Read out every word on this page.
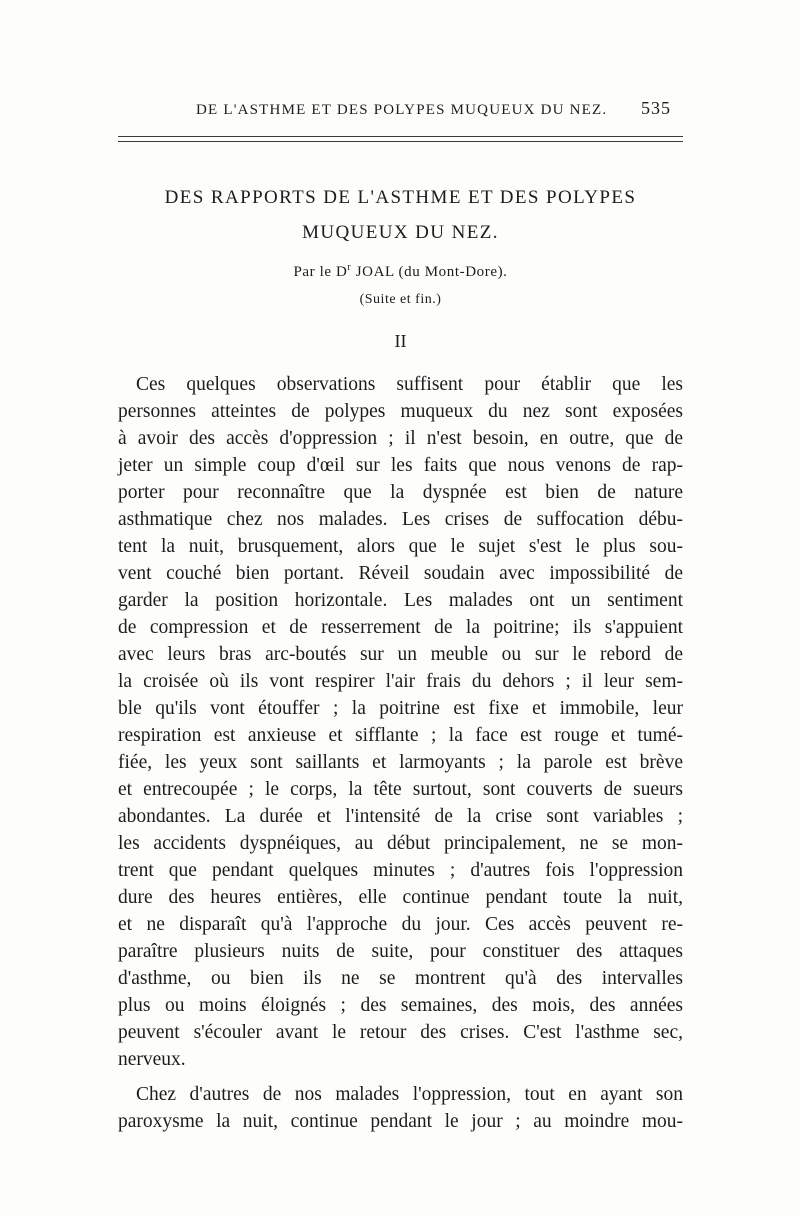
DE L'ASTHME ET DES POLYPES MUQUEUX DU NEZ. 535
DES RAPPORTS DE L'ASTHME ET DES POLYPES
MUQUEUX DU NEZ.
Par le $D^r$ JOAL (du Mont-Dore).
(Suite et fin.)
II
Ces quelques observations suffisent pour établir que les
personnes atteintes de polypes muqueux du nez sont exposées
à avoir des accès d'oppression ; il n'est besoin, en outre, que de
jeter un simple coup d'œil sur les faits que nous venons de rap-
porter pour reconnaître que la dyspnée est bien de nature
asthmatique chez nos malades. Les crises de suffocation débu-
tent la nuit, brusquement, alors que le sujet s'est le plus sou-
vent couché bien portant. Réveil soudain avec impossibilité de
garder la position horizontale. Les malades ont un sentiment
de compression et de resserrement de la poitrine; ils s'appuient
avec leurs bras arc-boutés sur un meuble ou sur le rebord de
la croisée où ils vont respirer l'air frais du dehors ; il leur sem-
ble qu'ils vont étouffer ; la poitrine est fixe et immobile, leur
respiration est anxieuse et sifflante ; la face est rouge et tumé-
fiée, les yeux sont saillants et larmoyants ; la parole est brève
et entrecoupée ; le corps, la tête surtout, sont couverts de sueurs
abondantes. La durée et l'intensité de la crise sont variables ;
les accidents dyspnéiques, au début principalement, ne se mon-
trent que pendant quelques minutes ; d'autres fois l'oppression
dure des heures entières, elle continue pendant toute la nuit,
et ne disparaît qu'à l'approche du jour. Ces accès peuvent re-
paraître plusieurs nuits de suite, pour constituer des attaques
d'asthme, ou bien ils ne se montrent qu'à des intervalles
plus ou moins éloignés ; des semaines, des mois, des années
peuvent s'écouler avant le retour des crises. C'est l'asthme sec,
nerveux.
Chez d'autres de nos malades l'oppression, tout en ayant son
paroxysme la nuit, continue pendant le jour ; au moindre mou-
